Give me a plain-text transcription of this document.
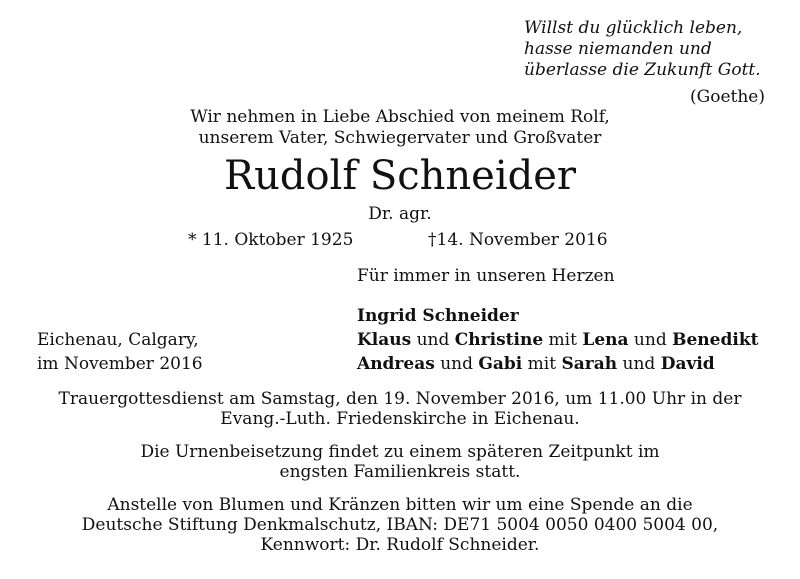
Willst du glücklich leben,
hasse niemanden und
überlasse die Zukunft Gott.
(Goethe)
Wir nehmen in Liebe Abschied von meinem Rolf,
unserem Vater, Schwiegervater und Großvater
Rudolf Schneider
Dr. agr.
* 11. Oktober 1925	†14. November 2016
Für immer in unseren Herzen
Eichenau, Calgary,
im November 2016
Ingrid Schneider
Klaus und Christine mit Lena und Benedikt
Andreas und Gabi mit Sarah und David
Trauergottesdienst am Samstag, den 19. November 2016, um 11.00 Uhr in der
Evang.-Luth. Friedenskirche in Eichenau.
Die Urnenbeisetzung findet zu einem späteren Zeitpunkt im
engsten Familienkreis statt.
Anstelle von Blumen und Kränzen bitten wir um eine Spende an die
Deutsche Stiftung Denkmalschutz, IBAN: DE71 5004 0050 0400 5004 00,
Kennwort: Dr. Rudolf Schneider.
